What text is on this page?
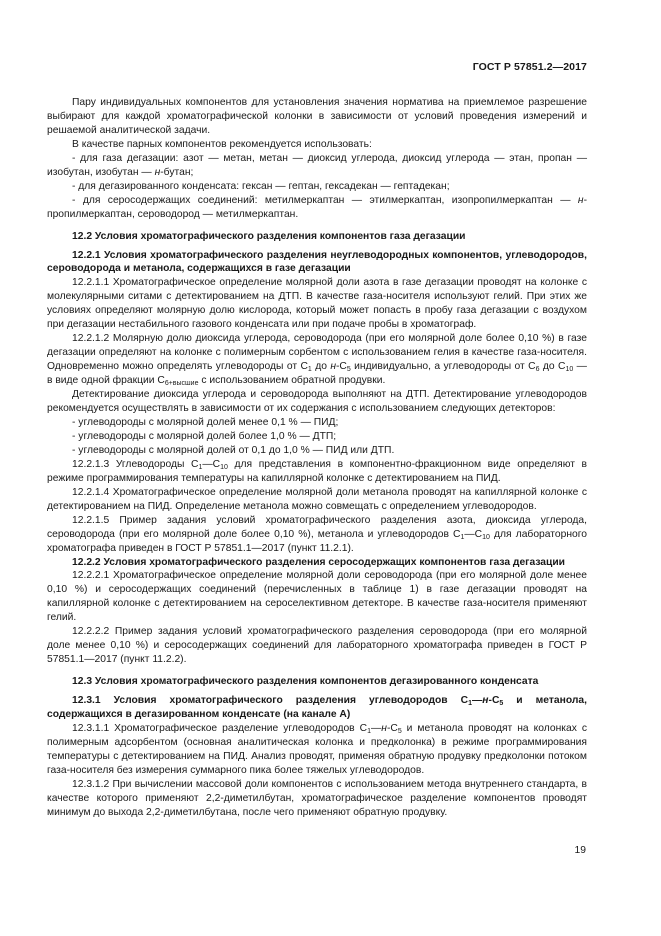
ГОСТ Р 57851.2—2017

Пару индивидуальных компонентов для установления значения норматива на приемлемое разрешение выбирают для каждой хроматографической колонки в зависимости от условий проведения измерений и решаемой аналитической задачи.

В качестве парных компонентов рекомендуется использовать:

- для газа дегазации: азот — метан, метан — диоксид углерода, диоксид углерода — этан, пропан — изобутан, изобутан — н-бутан;

- для дегазированного конденсата: гексан — гептан, гексадекан — гептадекан;

- для серосодержащих соединений: метилмеркаптан — этилмеркаптан, изопропилмеркаптан — н-пропилмеркаптан, сероводород — метилмеркаптан.

12.2 Условия хроматографического разделения компонентов газа дегазации

12.2.1 Условия хроматографического разделения неуглеводородных компонентов, углеводородов, сероводорода и метанола, содержащихся в газе дегазации

12.2.1.1 Хроматографическое определение молярной доли азота в газе дегазации проводят на колонке с молекулярными ситами с детектированием на ДТП. В качестве газа-носителя используют гелий. При этих же условиях определяют молярную долю кислорода, который может попасть в пробу газа дегазации с воздухом при дегазации нестабильного газового конденсата или при подаче пробы в хроматограф.

12.2.1.2 Молярную долю диоксида углерода, сероводорода (при его молярной доле более 0,10 %) в газе дегазации определяют на колонке с полимерным сорбентом с использованием гелия в качестве газа-носителя. Одновременно можно определять углеводороды от $C_1$ до $н-C_5$ индивидуально, а углеводороды от $C_6$ до $C_{10}$ — в виде одной фракции $C_{6+высшие}$ с использованием обратной продувки.

Детектирование диоксида углерода и сероводорода выполняют на ДТП. Детектирование углеводородов рекомендуется осуществлять в зависимости от их содержания с использованием следующих детекторов:

- углеводороды с молярной долей менее 0,1 % — ПИД;

- углеводороды с молярной долей более 1,0 % — ДТП;

- углеводороды с молярной долей от 0,1 до 1,0 % — ПИД или ДТП.

12.2.1.3 Углеводороды $C_1—C_{10}$ для представления в компонентно-фракционном виде определяют в режиме программирования температуры на капиллярной колонке с детектированием на ПИД.

12.2.1.4 Хроматографическое определение молярной доли метанола проводят на капиллярной колонке с детектированием на ПИД. Определение метанола можно совмещать с определением углеводородов.

12.2.1.5 Пример задания условий хроматографического разделения азота, диоксида углерода, сероводорода (при его молярной доле более 0,10 %), метанола и углеводородов $C_1—C_{10}$ для лабораторного хроматографа приведен в ГОСТ Р 57851.1—2017 (пункт 11.2.1).

12.2.2 Условия хроматографического разделения серосодержащих компонентов газа дегазации

12.2.2.1 Хроматографическое определение молярной доли сероводорода (при его молярной доле менее 0,10 %) и серосодержащих соединений (перечисленных в таблице 1) в газе дегазации проводят на капиллярной колонке с детектированием на сероселективном детекторе. В качестве газа-носителя применяют гелий.

12.2.2.2 Пример задания условий хроматографического разделения сероводорода (при его молярной доле менее 0,10 %) и серосодержащих соединений для лабораторного хроматографа приведен в ГОСТ Р 57851.1—2017 (пункт 11.2.2).

12.3 Условия хроматографического разделения компонентов дегазированного конденсата

12.3.1 Условия хроматографического разделения углеводородов $C_1—н-C_5$ и метанола, содержащихся в дегазированном конденсате (на канале А)

12.3.1.1 Хроматографическое разделение углеводородов $C_1—н-C_5$ и метанола проводят на колонках с полимерным адсорбентом (основная аналитическая колонка и предколонка) в режиме программирования температуры с детектированием на ПИД. Анализ проводят, применяя обратную продувку предколонки потоком газа-носителя без измерения суммарного пика более тяжелых углеводородов.

12.3.1.2 При вычислении массовой доли компонентов с использованием метода внутреннего стандарта, в качестве которого применяют 2,2-диметилбутан, хроматографическое разделение компонентов проводят минимум до выхода 2,2-диметилбутана, после чего применяют обратную продувку.

19
